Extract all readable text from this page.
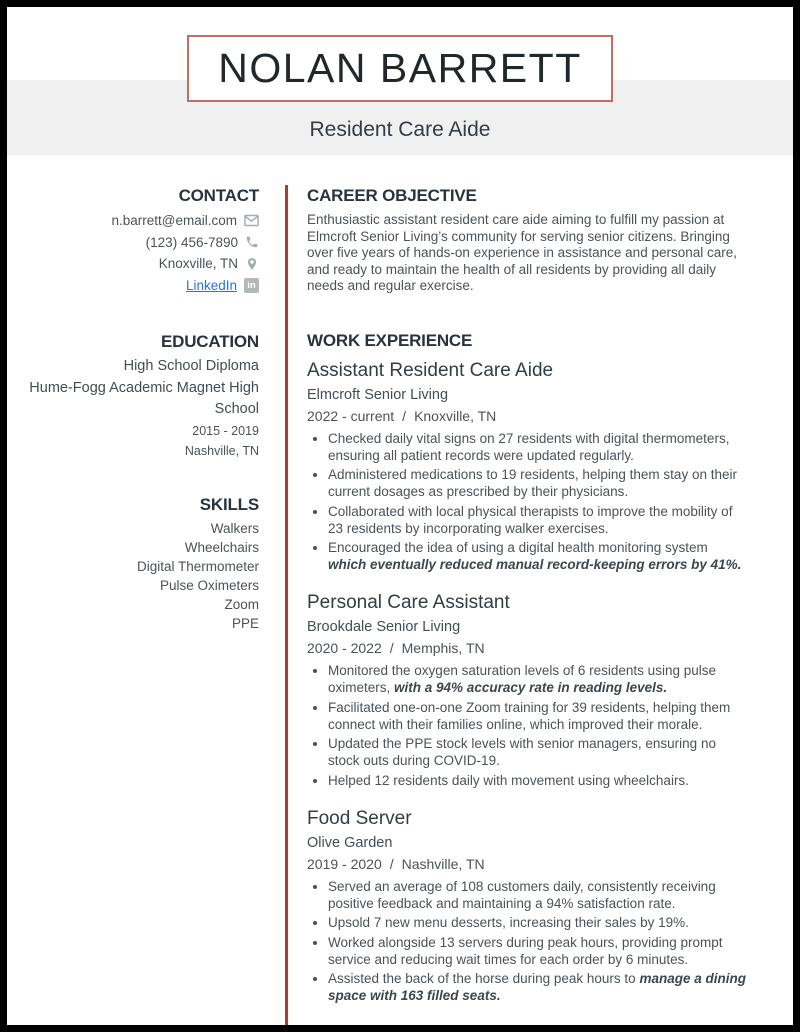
NOLAN BARRETT
Resident Care Aide
CONTACT
n.barrett@email.com
(123) 456-7890
Knoxville, TN
LinkedIn	in
EDUCATION
High School Diploma
Hume-Fogg Academic Magnet High School
2015 - 2019
Nashville, TN
SKILLS
Walkers
Wheelchairs
Digital Thermometer
Pulse Oximeters
Zoom
PPE
CAREER OBJECTIVE
Enthusiastic assistant resident care aide aiming to fulfill my passion at Elmcroft Senior Living’s community for serving senior citizens. Bringing over five years of hands-on experience in assistance and personal care, and ready to maintain the health of all residents by providing all daily needs and regular exercise.
WORK EXPERIENCE
Assistant Resident Care Aide
Elmcroft Senior Living
2022 - current / Knoxville, TN
• Checked daily vital signs on 27 residents with digital thermometers, ensuring all patient records were updated regularly.
• Administered medications to 19 residents, helping them stay on their current dosages as prescribed by their physicians.
• Collaborated with local physical therapists to improve the mobility of 23 residents by incorporating walker exercises.
• Encouraged the idea of using a digital health monitoring system which eventually reduced manual record-keeping errors by 41%.
Personal Care Assistant
Brookdale Senior Living
2020 - 2022 / Memphis, TN
• Monitored the oxygen saturation levels of 6 residents using pulse oximeters, with a 94% accuracy rate in reading levels.
• Facilitated one-on-one Zoom training for 39 residents, helping them connect with their families online, which improved their morale.
• Updated the PPE stock levels with senior managers, ensuring no stock outs during COVID-19.
• Helped 12 residents daily with movement using wheelchairs.
Food Server
Olive Garden
2019 - 2020 / Nashville, TN
• Served an average of 108 customers daily, consistently receiving positive feedback and maintaining a 94% satisfaction rate.
• Upsold 7 new menu desserts, increasing their sales by 19%.
• Worked alongside 13 servers during peak hours, providing prompt service and reducing wait times for each order by 6 minutes.
• Assisted the back of the horse during peak hours to manage a dining space with 163 filled seats.
